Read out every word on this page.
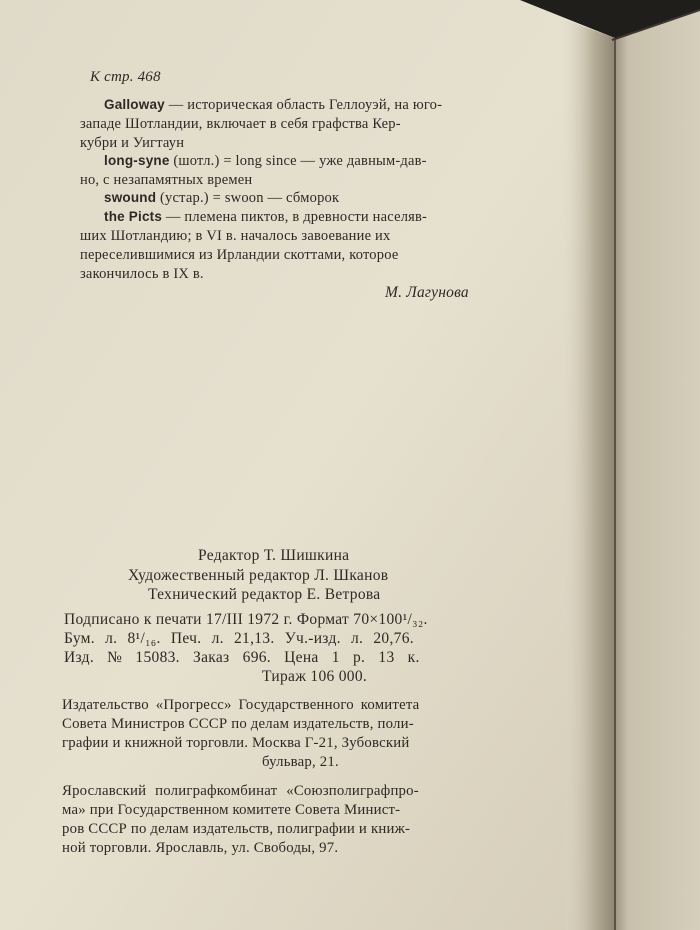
К стр. 468
Galloway — историческая область Геллоуэй, на юго-
западе Шотландии, включает в себя графства Кер-
кубри и Уигтаун
long-syne (шотл.) = long since — уже давным-дав-
но, с незапамятных времен
swound (устар.) = swoon — сбморок
the Picts — племена пиктов, в древности населяв-
ших Шотландию; в VI в. началось завоевание их
переселившимися из Ирландии скоттами, которое
закончилось в IX в.
М. Лагунова
Редактор Т. Шишкина
Художественный редактор Л. Шканов
Технический редактор Е. Ветрова
Подписано к печати 17/III 1972 г. Формат 70×100¹/₃₂.
Бум. л. 8¹/₁₆. Печ. л. 21,13. Уч.-изд. л. 20,76.
Изд. № 15083. Заказ 696. Цена 1 р. 13 к.
Тираж 106 000.
Издательство «Прогресс» Государственного комитета
Совета Министров СССР по делам издательств, поли-
графии и книжной торговли. Москва Г-21, Зубовский
бульвар, 21.
Ярославский полиграфкомбинат «Союзполиграфпро-
ма» при Государственном комитете Совета Минист-
ров СССР по делам издательств, полиграфии и книж-
ной торговли. Ярославль, ул. Свободы, 97.
